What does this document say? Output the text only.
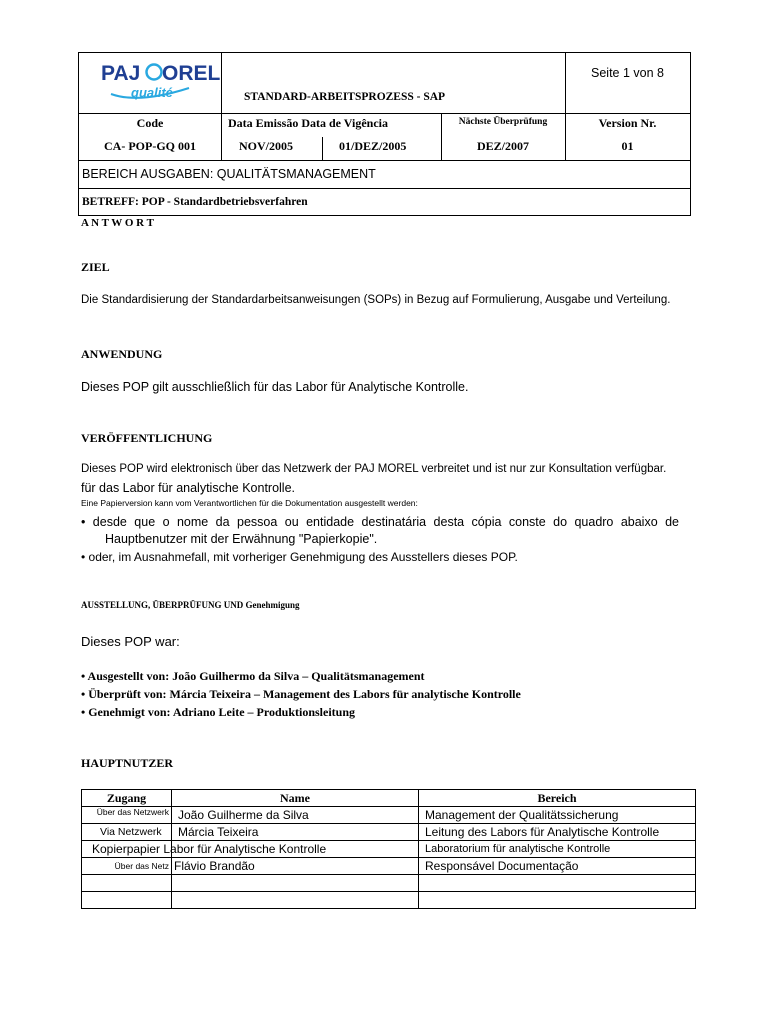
PAJ OREL
qualité
Seite 1 von 8
STANDARD-ARBEITSPROZESS - SAP
Code
CA- POP-GQ 001
Data Emissão Data de Vigência
NOV/2005	01/DEZ/2005
Nächste Überprüfung
DEZ/2007
Version Nr.
01
BEREICH AUSGABEN: QUALITÄTSMANAGEMENT
BETREFF: POP - Standardbetriebsverfahren
A N T W O R T
ZIEL
Die Standardisierung der Standardarbeitsanweisungen (SOPs) in Bezug auf Formulierung, Ausgabe und Verteilung.
ANWENDUNG
Dieses POP gilt ausschließlich für das Labor für Analytische Kontrolle.
VERÖFFENTLICHUNG
Dieses POP wird elektronisch über das Netzwerk der PAJ MOREL verbreitet und ist nur zur Konsultation verfügbar.
für das Labor für analytische Kontrolle.
Eine Papierversion kann vom Verantwortlichen für die Dokumentation ausgestellt werden:
• desde que o nome da pessoa ou entidade destinatária desta cópia conste do quadro abaixo de
Hauptbenutzer mit der Erwähnung "Papierkopie".
• oder, im Ausnahmefall, mit vorheriger Genehmigung des Ausstellers dieses POP.
AUSSTELLUNG, ÜBERPRÜFUNG UND Genehmigung
Dieses POP war:
• Ausgestellt von: João Guilhermo da Silva – Qualitätsmanagement
• Überprüft von: Márcia Teixeira – Management des Labors für analytische Kontrolle
• Genehmigt von: Adriano Leite – Produktionsleitung
HAUPTNUTZER
Zugang	Name	Bereich
Über das Netzwerk	João Guilherme da Silva	Management der Qualitätssicherung
Via Netzwerk	Márcia Teixeira	Leitung des Labors für Analytische Kontrolle

Kopierpapier Labor für Analytische Kontrolle		Laboratorium für analytische Kontrolle
Über das Netz	Flávio Brandão	Responsável Documentação
